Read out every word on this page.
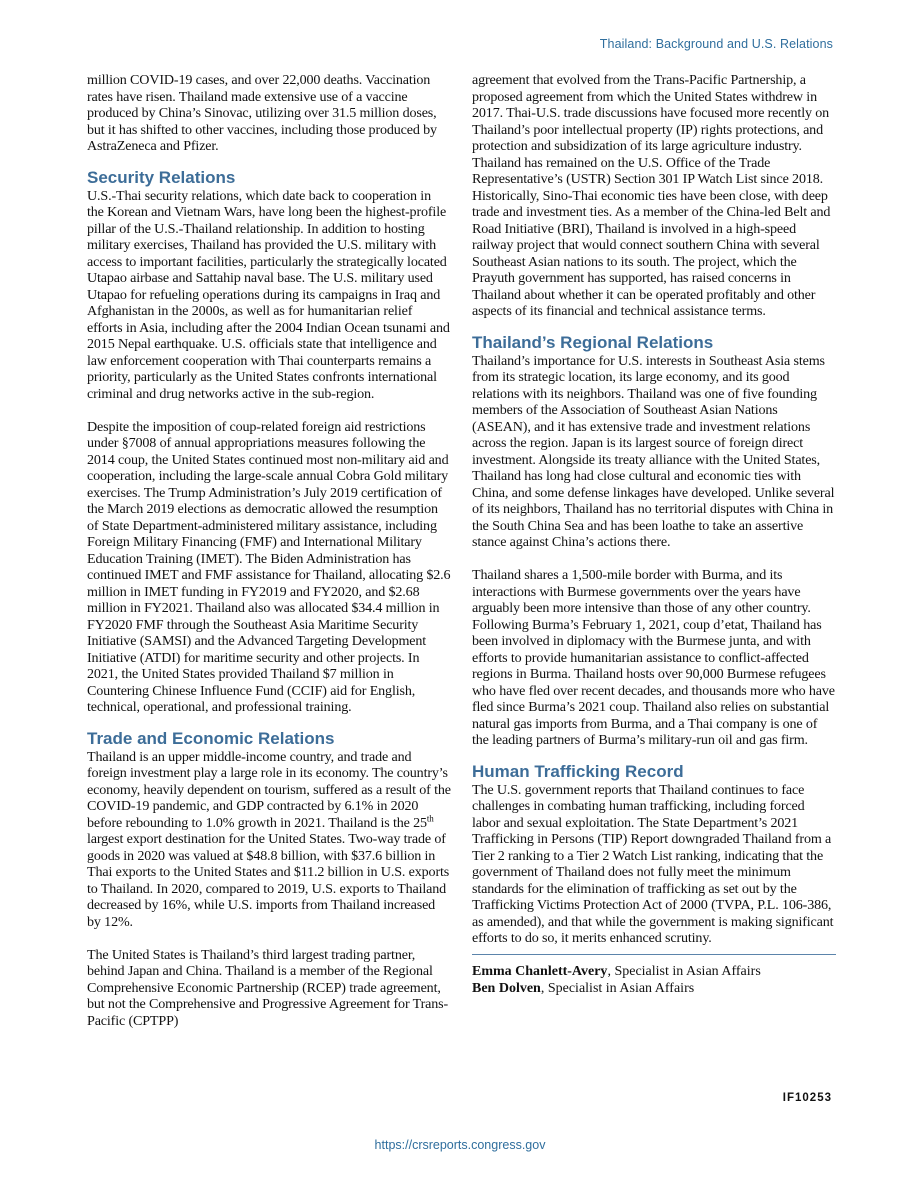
Thailand: Background and U.S. Relations

million COVID-19 cases, and over 22,000 deaths. Vaccination rates have risen. Thailand made extensive use of a vaccine produced by China’s Sinovac, utilizing over 31.5 million doses, but it has shifted to other vaccines, including those produced by AstraZeneca and Pfizer.

Security Relations

U.S.-Thai security relations, which date back to cooperation in the Korean and Vietnam Wars, have long been the highest-profile pillar of the U.S.-Thailand relationship. In addition to hosting military exercises, Thailand has provided the U.S. military with access to important facilities, particularly the strategically located Utapao airbase and Sattahip naval base. The U.S. military used Utapao for refueling operations during its campaigns in Iraq and Afghanistan in the 2000s, as well as for humanitarian relief efforts in Asia, including after the 2004 Indian Ocean tsunami and 2015 Nepal earthquake. U.S. officials state that intelligence and law enforcement cooperation with Thai counterparts remains a priority, particularly as the United States confronts international criminal and drug networks active in the sub-region.

Despite the imposition of coup-related foreign aid restrictions under §7008 of annual appropriations measures following the 2014 coup, the United States continued most non-military aid and cooperation, including the large-scale annual Cobra Gold military exercises. The Trump Administration’s July 2019 certification of the March 2019 elections as democratic allowed the resumption of State Department-administered military assistance, including Foreign Military Financing (FMF) and International Military Education Training (IMET). The Biden Administration has continued IMET and FMF assistance for Thailand, allocating $2.6 million in IMET funding in FY2019 and FY2020, and $2.68 million in FY2021. Thailand also was allocated $34.4 million in FY2020 FMF through the Southeast Asia Maritime Security Initiative (SAMSI) and the Advanced Targeting Development Initiative (ATDI) for maritime security and other projects. In 2021, the United States provided Thailand $7 million in Countering Chinese Influence Fund (CCIF) aid for English, technical, operational, and professional training.

Trade and Economic Relations

Thailand is an upper middle-income country, and trade and foreign investment play a large role in its economy. The country’s economy, heavily dependent on tourism, suffered as a result of the COVID-19 pandemic, and GDP contracted by 6.1% in 2020 before rebounding to 1.0% growth in 2021. Thailand is the 25th largest export destination for the United States. Two-way trade of goods in 2020 was valued at $48.8 billion, with $37.6 billion in Thai exports to the United States and $11.2 billion in U.S. exports to Thailand. In 2020, compared to 2019, U.S. exports to Thailand decreased by 16%, while U.S. imports from Thailand increased by 12%.

The United States is Thailand’s third largest trading partner, behind Japan and China. Thailand is a member of the Regional Comprehensive Economic Partnership (RCEP) trade agreement, but not the Comprehensive and Progressive Agreement for Trans-Pacific (CPTPP)

agreement that evolved from the Trans-Pacific Partnership, a proposed agreement from which the United States withdrew in 2017. Thai-U.S. trade discussions have focused more recently on Thailand’s poor intellectual property (IP) rights protections, and protection and subsidization of its large agriculture industry. Thailand has remained on the U.S. Office of the Trade Representative’s (USTR) Section 301 IP Watch List since 2018. Historically, Sino-Thai economic ties have been close, with deep trade and investment ties. As a member of the China-led Belt and Road Initiative (BRI), Thailand is involved in a high-speed railway project that would connect southern China with several Southeast Asian nations to its south. The project, which the Prayuth government has supported, has raised concerns in Thailand about whether it can be operated profitably and other aspects of its financial and technical assistance terms.

Thailand’s Regional Relations

Thailand’s importance for U.S. interests in Southeast Asia stems from its strategic location, its large economy, and its good relations with its neighbors. Thailand was one of five founding members of the Association of Southeast Asian Nations (ASEAN), and it has extensive trade and investment relations across the region. Japan is its largest source of foreign direct investment. Alongside its treaty alliance with the United States, Thailand has long had close cultural and economic ties with China, and some defense linkages have developed. Unlike several of its neighbors, Thailand has no territorial disputes with China in the South China Sea and has been loathe to take an assertive stance against China’s actions there.

Thailand shares a 1,500-mile border with Burma, and its interactions with Burmese governments over the years have arguably been more intensive than those of any other country. Following Burma’s February 1, 2021, coup d’etat, Thailand has been involved in diplomacy with the Burmese junta, and with efforts to provide humanitarian assistance to conflict-affected regions in Burma. Thailand hosts over 90,000 Burmese refugees who have fled over recent decades, and thousands more who have fled since Burma’s 2021 coup. Thailand also relies on substantial natural gas imports from Burma, and a Thai company is one of the leading partners of Burma’s military-run oil and gas firm.

Human Trafficking Record

The U.S. government reports that Thailand continues to face challenges in combating human trafficking, including forced labor and sexual exploitation. The State Department’s 2021 Trafficking in Persons (TIP) Report downgraded Thailand from a Tier 2 ranking to a Tier 2 Watch List ranking, indicating that the government of Thailand does not fully meet the minimum standards for the elimination of trafficking as set out by the Trafficking Victims Protection Act of 2000 (TVPA, P.L. 106-386, as amended), and that while the government is making significant efforts to do so, it merits enhanced scrutiny.

Emma Chanlett-Avery, Specialist in Asian Affairs
Ben Dolven, Specialist in Asian Affairs
IF10253
https://crsreports.congress.gov
